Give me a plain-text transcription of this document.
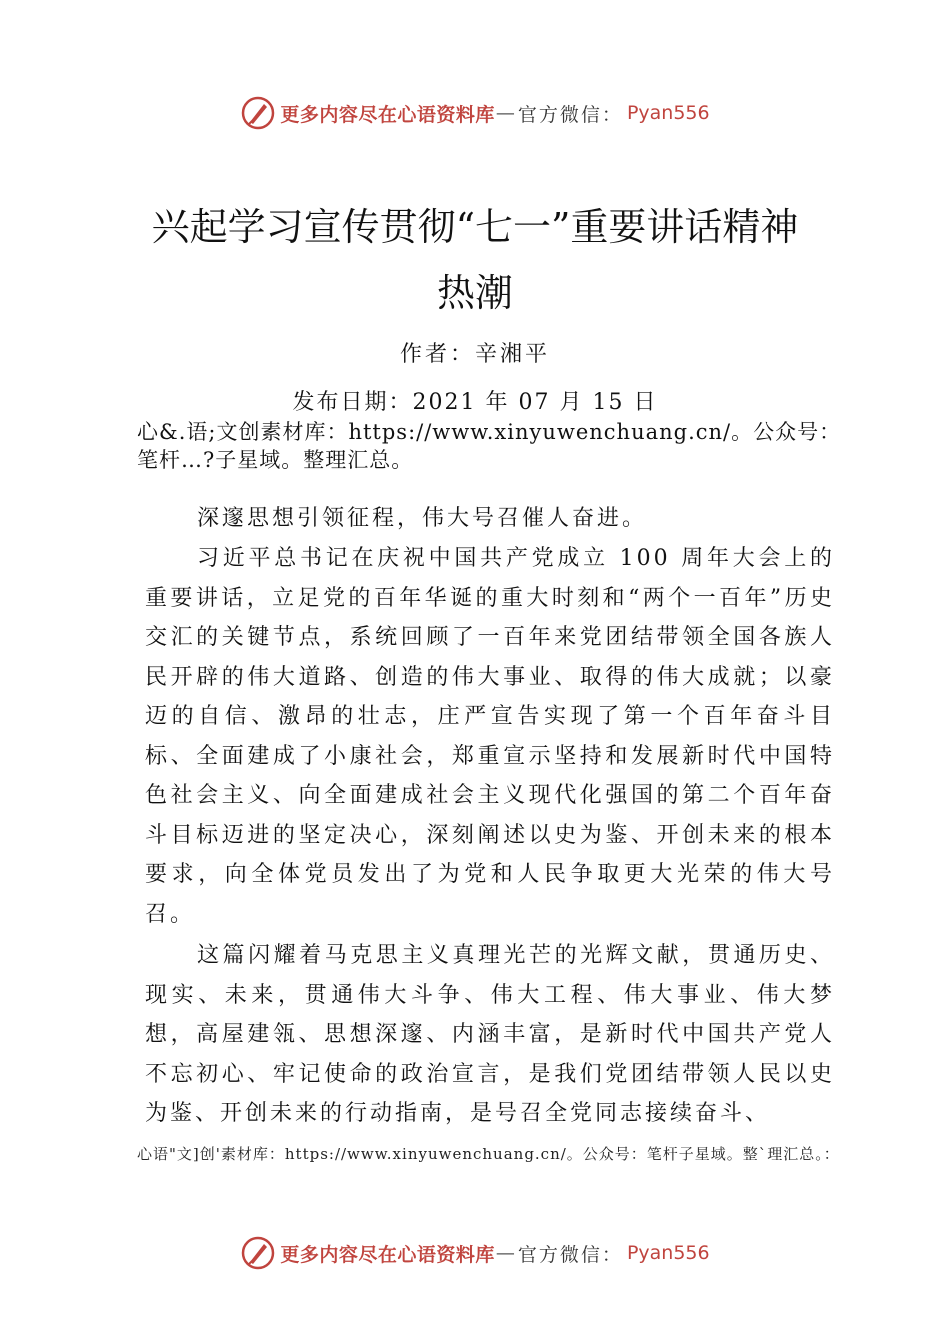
更多内容尽在心语资料库 — 官方微信： Pyan556
兴起学习宣传贯彻“七一”重要讲话精神
热潮
作者：辛湘平
发布日期：2021 年 07 月 15 日
心&.语;文创素材库：https://www.xinyuwenchuang.cn/。公众号：笔杆…?子星域。整理汇总。
深邃思想引领征程，伟大号召催人奋进。
习近平总书记在庆祝中国共产党成立 100 周年大会上的重要讲话，立足党的百年华诞的重大时刻和“两个一百年”历史交汇的关键节点，系统回顾了一百年来党团结带领全国各族人民开辟的伟大道路、创造的伟大事业、取得的伟大成就；以豪迈的自信、激昂的壮志，庄严宣告实现了第一个百年奋斗目标、全面建成了小康社会，郑重宣示坚持和发展新时代中国特色社会主义、向全面建成社会主义现代化强国的第二个百年奋斗目标迈进的坚定决心，深刻阐述以史为鉴、开创未来的根本要求，向全体党员发出了为党和人民争取更大光荣的伟大号召。
这篇闪耀着马克思主义真理光芒的光辉文献，贯通历史、现实、未来，贯通伟大斗争、伟大工程、伟大事业、伟大梦想，高屋建瓴、思想深邃、内涵丰富，是新时代中国共产党人不忘初心、牢记使命的政治宣言，是我们党团结带领人民以史为鉴、开创未来的行动指南，是号召全党同志接续奋斗、
心语"文]创'素材库：https://www.xinyuwenchuang.cn/。公众号：笔杆子星域。整`理汇总。：
更多内容尽在心语资料库 — 官方微信： Pyan556
